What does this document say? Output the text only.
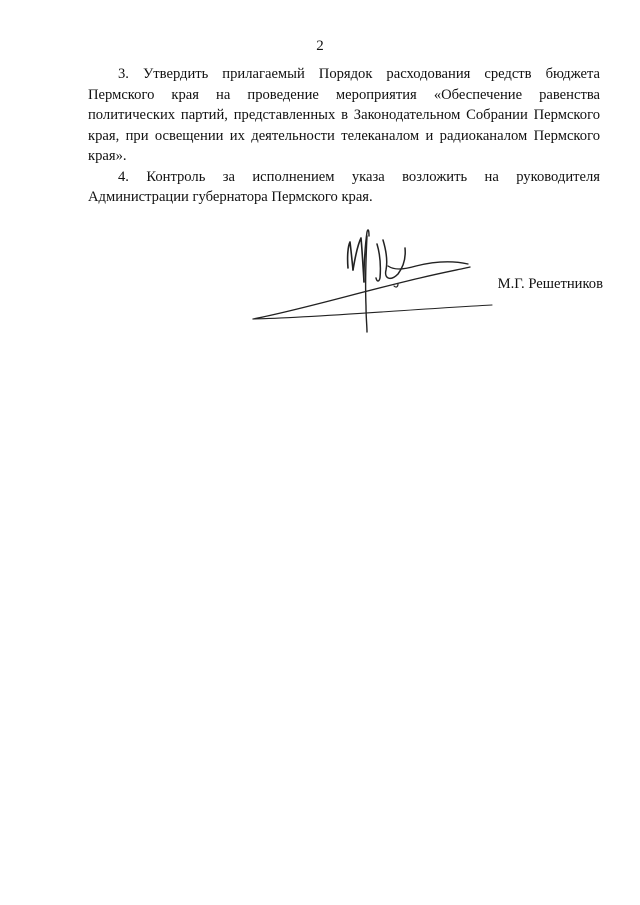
2

3. Утвердить прилагаемый Порядок расходования средств бюджета Пермского края на проведение мероприятия «Обеспечение равенства политических партий, представленных в Законодательном Собрании Пермского края, при освещении их деятельности телеканалом и радиоканалом Пермского края».

4. Контроль за исполнением указа возложить на руководителя Администрации губернатора Пермского края.

М.Г. Решетников
